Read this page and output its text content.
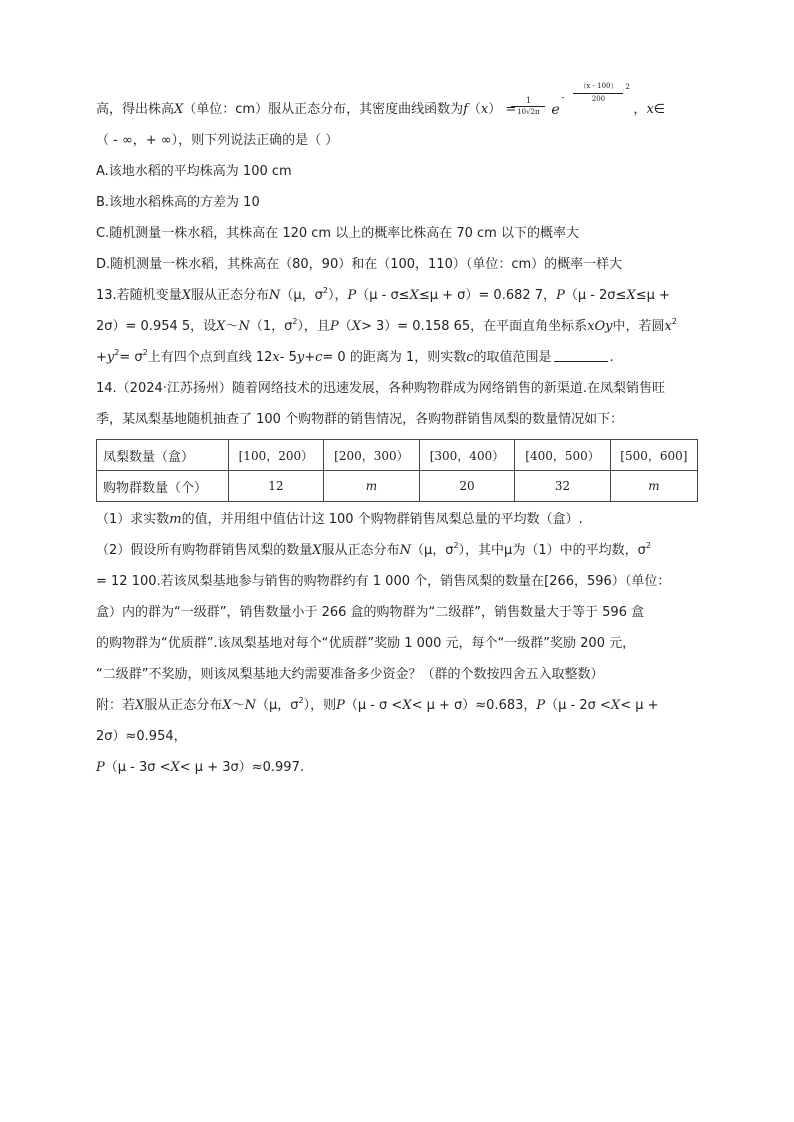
高，得出株高X（单位：cm）服从正态分布，其密度曲线函数为f（x） =
1
10√2π e
-
（x - 100）
200
2
，x∈
（ - ∞，+ ∞），则下列说法正确的是（ ）
A.该地水稻的平均株高为 100 cm
B.该地水稻株高的方差为 10
C.随机测量一株水稻，其株高在 120 cm 以上的概率比株高在 70 cm 以下的概率大
D.随机测量一株水稻，其株高在（80，90）和在（100，110）（单位：cm）的概率一样大
13.若随机变量X服从正态分布N（μ，$\sigma^2$），P（μ - σ≤X≤μ + σ）= 0.682 7，P（μ - 2σ≤X≤μ +
2σ）= 0.954 5，设X～N（1，$\sigma^2$），且P（X> 3）= 0.158 65，在平面直角坐标系xOy中，若圆$x^2$
$+y^2= \sigma^2$上有四个点到直线 12x- 5y+c= 0 的距离为 1，则实数c的取值范围是	.
14.（2024·江苏扬州）随着网络技术的迅速发展，各种购物群成为网络销售的新渠道.在凤梨销售旺
季，某凤梨基地随机抽查了 100 个购物群的销售情况，各购物群销售凤梨的数量情况如下：
凤梨数量（盒）	[100，200）	[200，300）	[300，400）	[400，500）	[500，600]
购物群数量（个）	12	m	20	32	m
（1）求实数m的值，并用组中值估计这 100 个购物群销售凤梨总量的平均数（盒）.
（2）假设所有购物群销售凤梨的数量X服从正态分布N（μ，$\sigma^2$），其中μ为（1）中的平均数，$\sigma^2$
= 12 100.若该凤梨基地参与销售的购物群约有 1 000 个，销售凤梨的数量在[266，596）（单位：
盒）内的群为“一级群”，销售数量小于 266 盒的购物群为“二级群”，销售数量大于等于 596 盒
的购物群为“优质群”.该凤梨基地对每个“优质群”奖励 1 000 元，每个“一级群”奖励 200 元，
“二级群”不奖励，则该凤梨基地大约需要准备多少资金？（群的个数按四舍五入取整数）
附：若X服从正态分布X～N（μ，$\sigma^2$），则P（μ - σ <X< μ + σ）≈0.683，P（μ - 2σ <X< μ +
2σ）≈0.954，
P（μ - 3σ <X< μ + 3σ）≈0.997.
